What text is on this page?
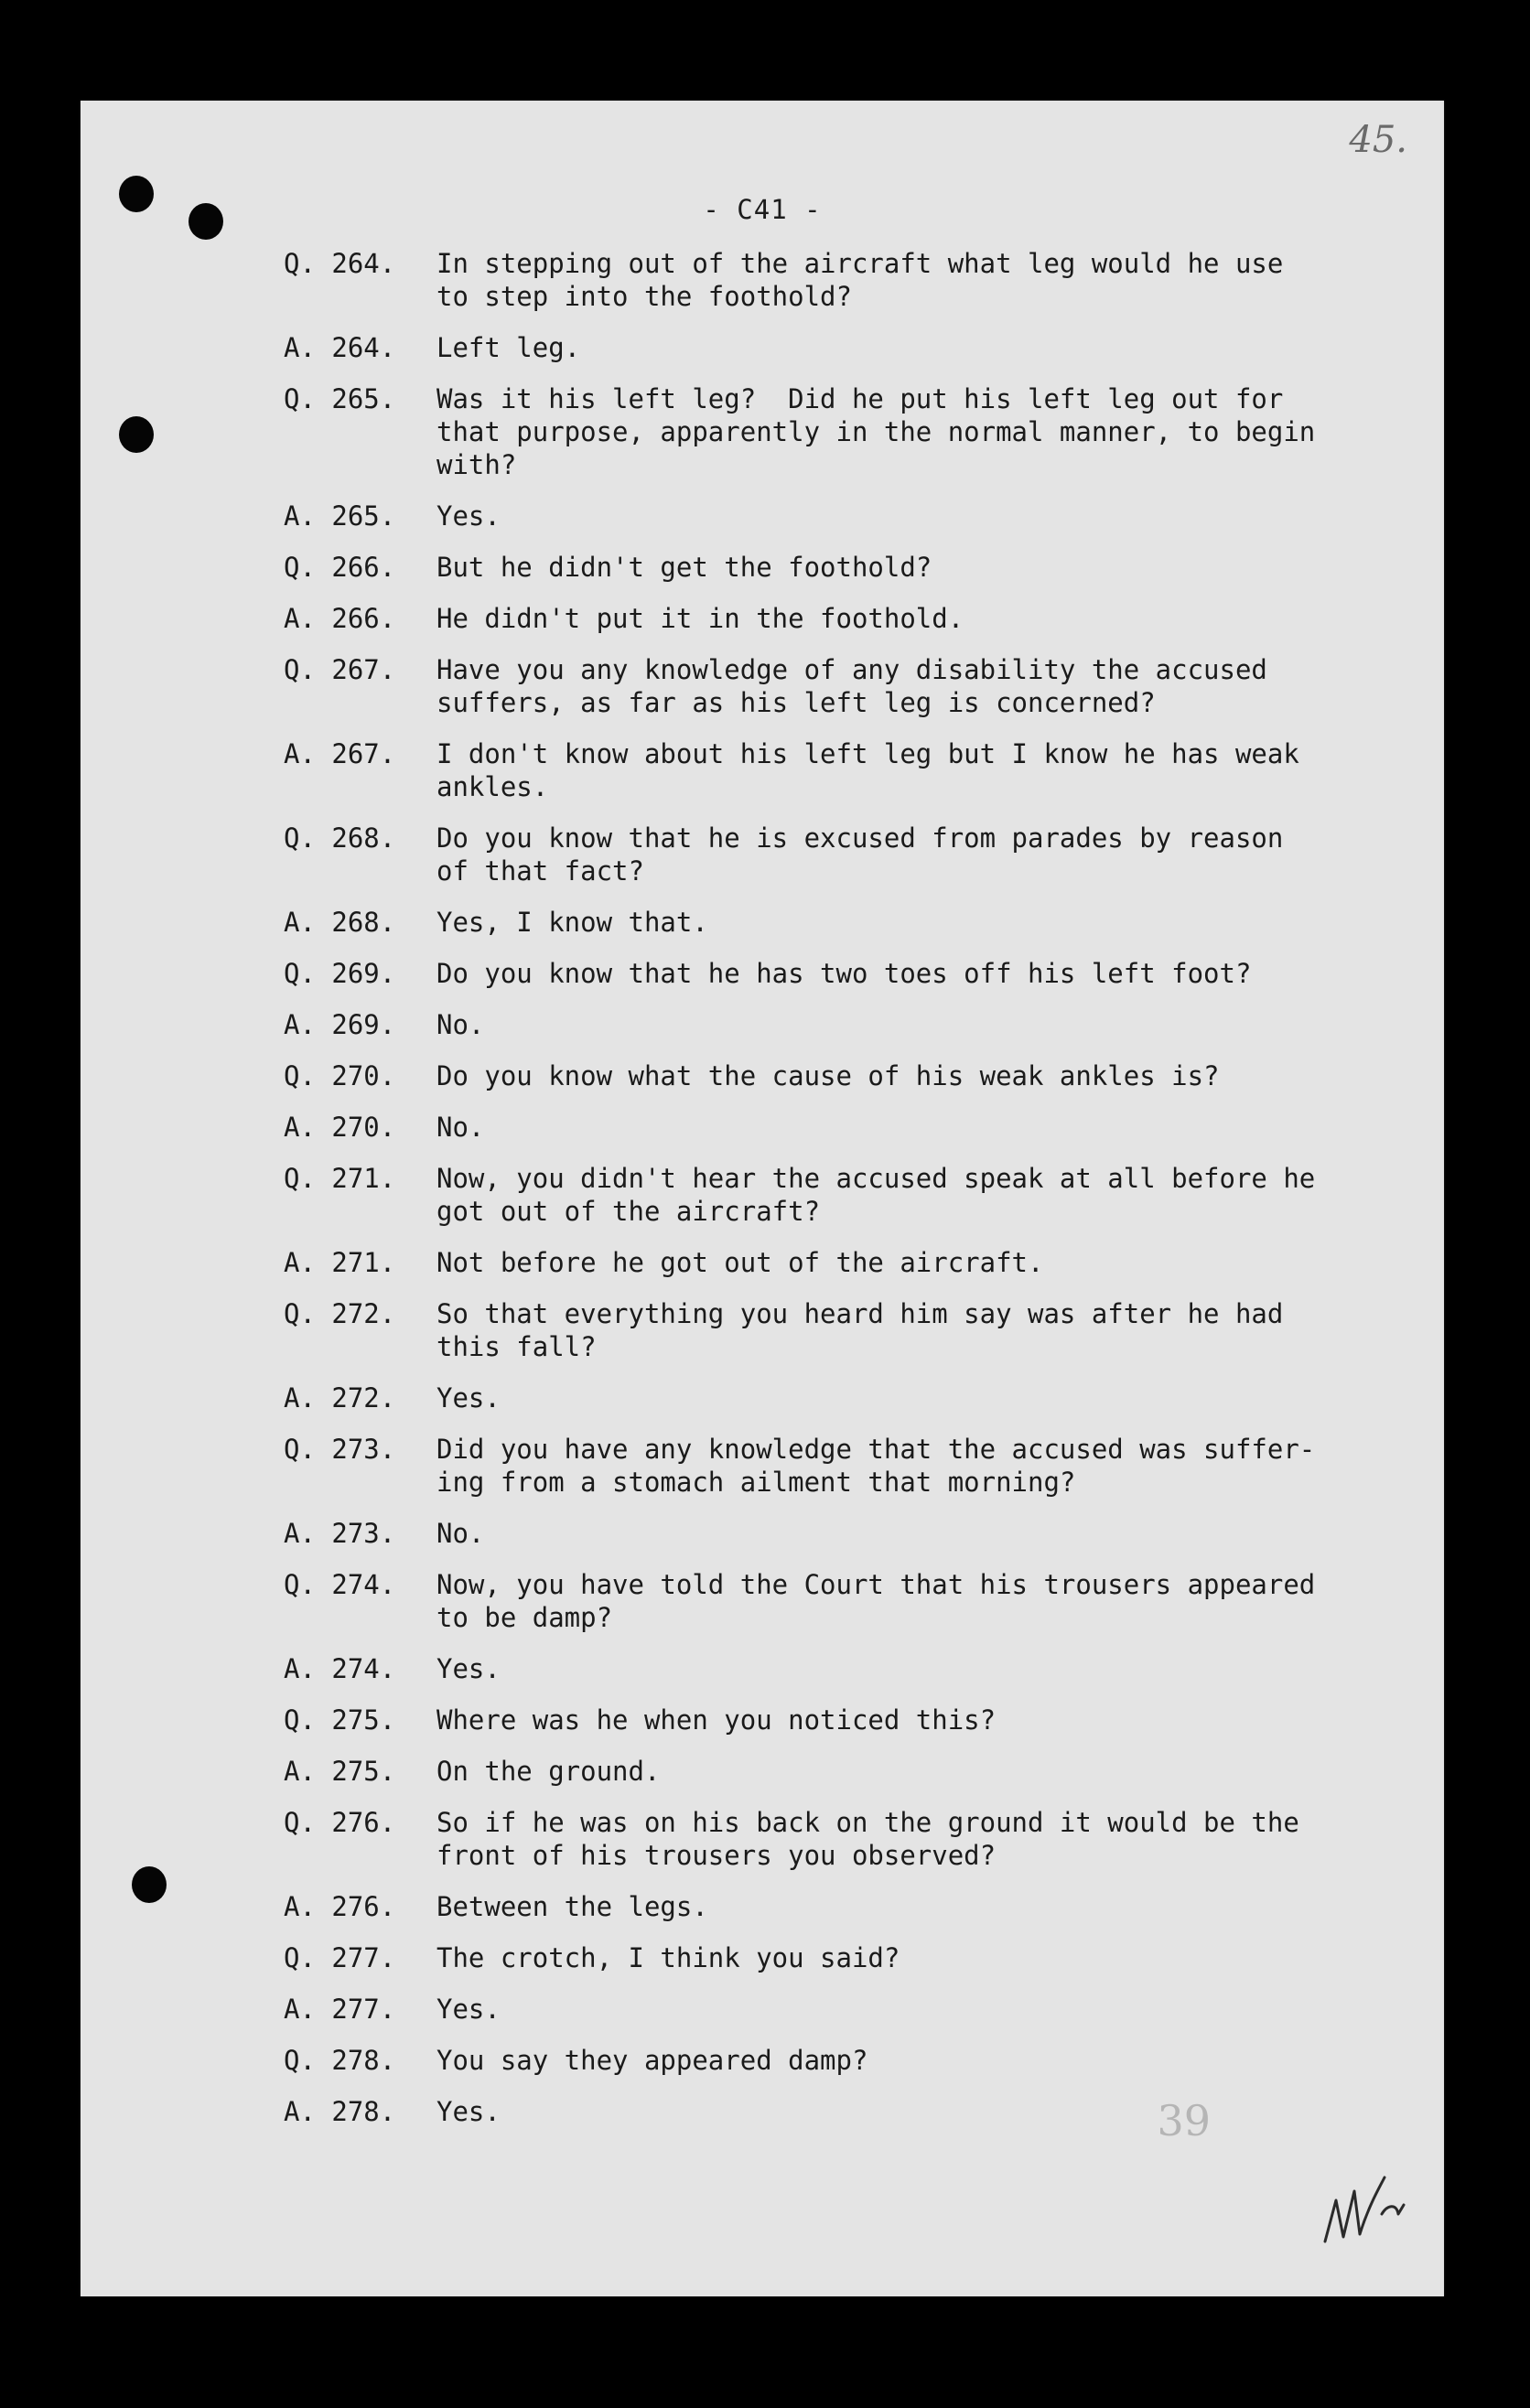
45.
- C41 -
Q. 264.	In stepping out of the aircraft what leg would he use
to step into the foothold?
A. 264.	Left leg.
Q. 265.	Was it his left leg?  Did he put his left leg out for
that purpose, apparently in the normal manner, to begin
with?
A. 265.	Yes.
Q. 266.	But he didn't get the foothold?
A. 266.	He didn't put it in the foothold.
Q. 267.	Have you any knowledge of any disability the accused
suffers, as far as his left leg is concerned?
A. 267.	I don't know about his left leg but I know he has weak
ankles.
Q. 268.	Do you know that he is excused from parades by reason
of that fact?
A. 268.	Yes, I know that.
Q. 269.	Do you know that he has two toes off his left foot?
A. 269.	No.
Q. 270.	Do you know what the cause of his weak ankles is?
A. 270.	No.
Q. 271.	Now, you didn't hear the accused speak at all before he
got out of the aircraft?
A. 271.	Not before he got out of the aircraft.
Q. 272.	So that everything you heard him say was after he had
this fall?
A. 272.	Yes.
Q. 273.	Did you have any knowledge that the accused was suffer-
ing from a stomach ailment that morning?
A. 273.	No.
Q. 274.	Now, you have told the Court that his trousers appeared
to be damp?
A. 274.	Yes.
Q. 275.	Where was he when you noticed this?
A. 275.	On the ground.
Q. 276.	So if he was on his back on the ground it would be the
front of his trousers you observed?
A. 276.	Between the legs.
Q. 277.	The crotch, I think you said?
A. 277.	Yes.
Q. 278.	You say they appeared damp?
A. 278.	Yes.	39
